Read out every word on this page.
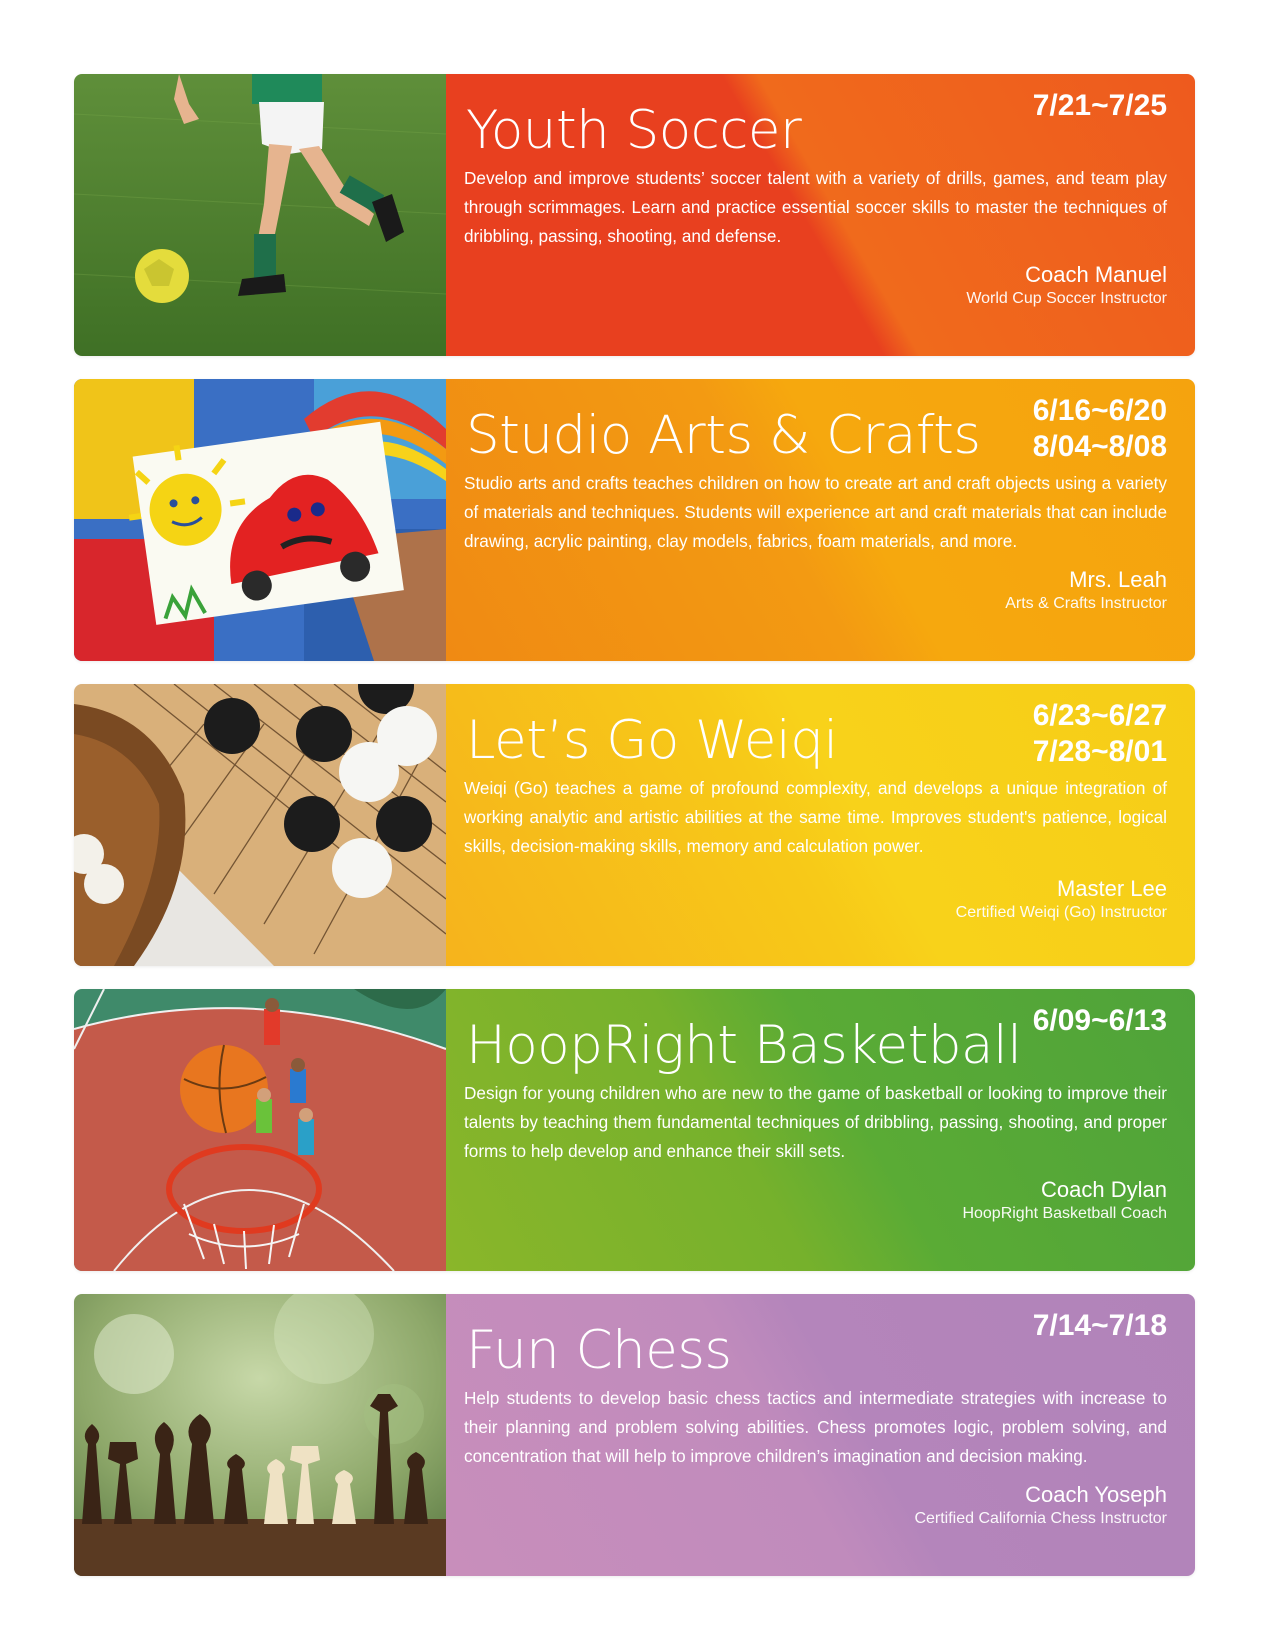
Youth Soccer	7/21~7/25
Develop and improve students’ soccer talent with a variety of drills, games, and team play through scrimmages. Learn and practice essential soccer skills to master the techniques of dribbling, passing, shooting, and defense.
Coach Manuel
World Cup Soccer Instructor
Studio Arts & Crafts 6/16~6/20
8/04~8/08
Studio arts and crafts teaches children on how to create art and craft objects using a variety of materials and techniques. Students will experience art and craft materials that can include drawing, acrylic painting, clay models, fabrics, foam materials, and more.
Mrs. Leah
Arts & Crafts Instructor
Let’s Go Weiqi	6/23~6/27
7/28~8/01
Weiqi (Go) teaches a game of profound complexity, and develops a unique integration of working analytic and artistic abilities at the same time. Improves student's patience, logical skills, decision-making skills, memory and calculation power.
Master Lee
Certified Weiqi (Go) Instructor
HoopRight Basketball 6/09~6/13
Design for young children who are new to the game of basketball or looking to improve their talents by teaching them fundamental techniques of dribbling, passing, shooting, and proper forms to help develop and enhance their skill sets.
Coach Dylan
HoopRight Basketball Coach
Fun Chess	7/14~7/18
Help students to develop basic chess tactics and intermediate strategies with increase to their planning and problem solving abilities. Chess promotes logic, problem solving, and concentration that will help to improve children’s imagination and decision making.
Coach Yoseph
Certified California Chess Instructor
